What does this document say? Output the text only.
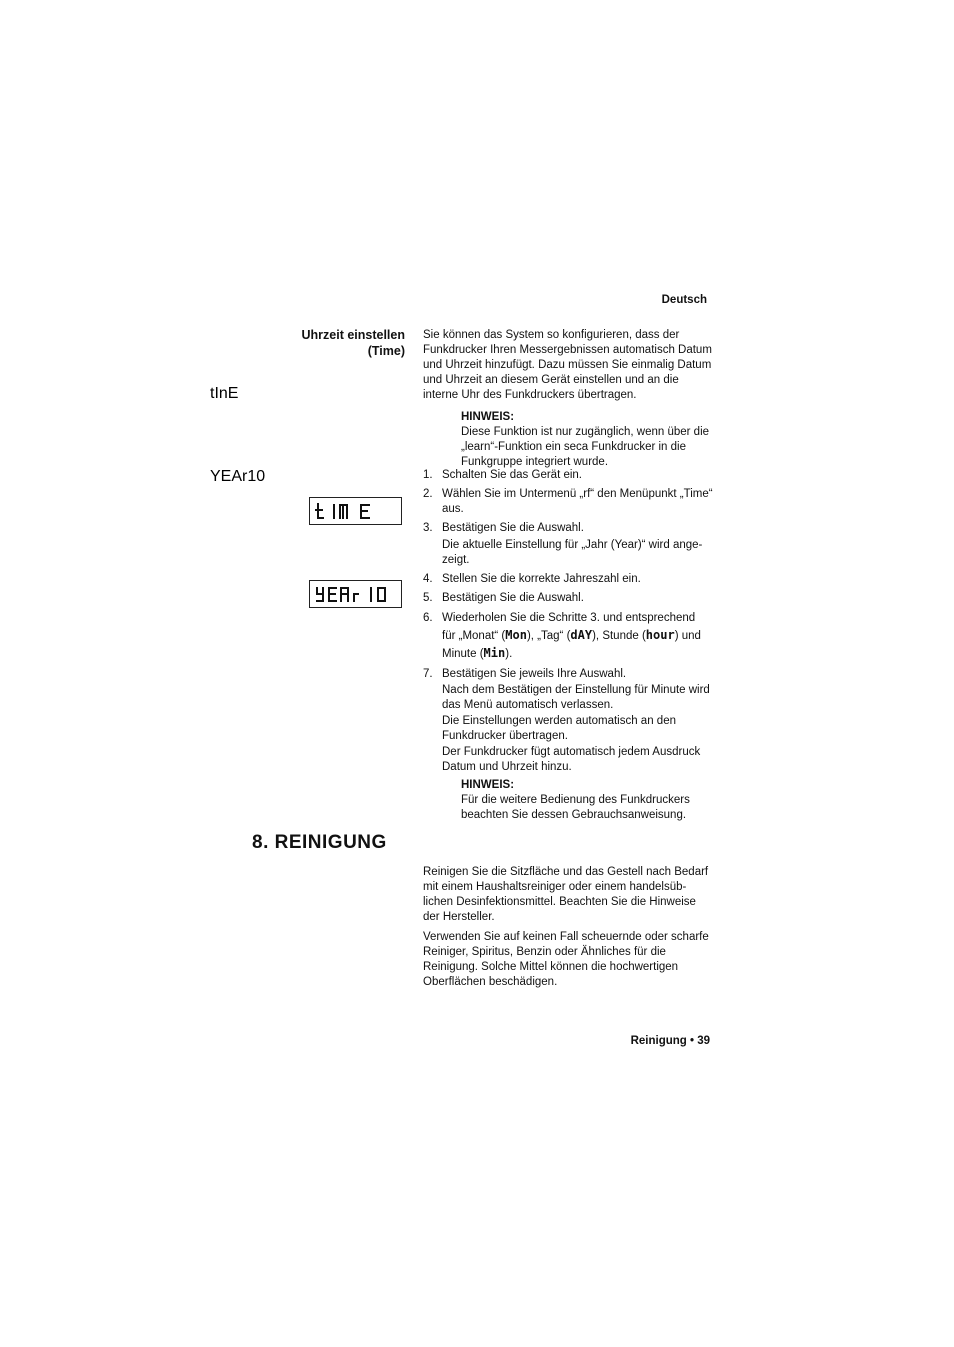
Deutsch
Uhrzeit einstellen
(Time)
Sie können das System so konfigurieren, dass der Funkdrucker Ihren Messergebnissen automatisch Datum und Uhrzeit hinzufügt. Dazu müssen Sie einmalig Datum und Uhrzeit an diesem Gerät einstellen und an die interne Uhr des Funkdruckers übertragen.
HINWEIS:
Diese Funktion ist nur zugänglich, wenn über die „learn“-Funktion ein seca Funkdrucker in die Funkgruppe integriert wurde.
tInE
YEAr10	1. Schalten Sie das Gerät ein.
2. Wählen Sie im Untermenü „rf“ den Menüpunkt „Time“ aus.
3. Bestätigen Sie die Auswahl.
Die aktuelle Einstellung für „Jahr (Year)“ wird ange-zeigt.
4. Stellen Sie die korrekte Jahreszahl ein.
5. Bestätigen Sie die Auswahl.
6. Wiederholen Sie die Schritte 3. und entsprechend
für „Monat“ (Mon), „Tag“ (dAY), Stunde (hour) und
Minute (Min).
7. Bestätigen Sie jeweils Ihre Auswahl.
Nach dem Bestätigen der Einstellung für Minute wird das Menü automatisch verlassen.
Die Einstellungen werden automatisch an den Funkdrucker übertragen.
Der Funkdrucker fügt automatisch jedem Ausdruck Datum und Uhrzeit hinzu.
HINWEIS:
Für die weitere Bedienung des Funkdruckers beachten Sie dessen Gebrauchsanweisung.
8. REINIGUNG
Reinigen Sie die Sitzfläche und das Gestell nach Bedarf mit einem Haushaltsreiniger oder einem handelsüb-lichen Desinfektionsmittel. Beachten Sie die Hinweise der Hersteller.
Verwenden Sie auf keinen Fall scheuernde oder scharfe Reiniger, Spiritus, Benzin oder Ähnliches für die Reinigung. Solche Mittel können die hochwertigen Oberflächen beschädigen.
Reinigung • 39
